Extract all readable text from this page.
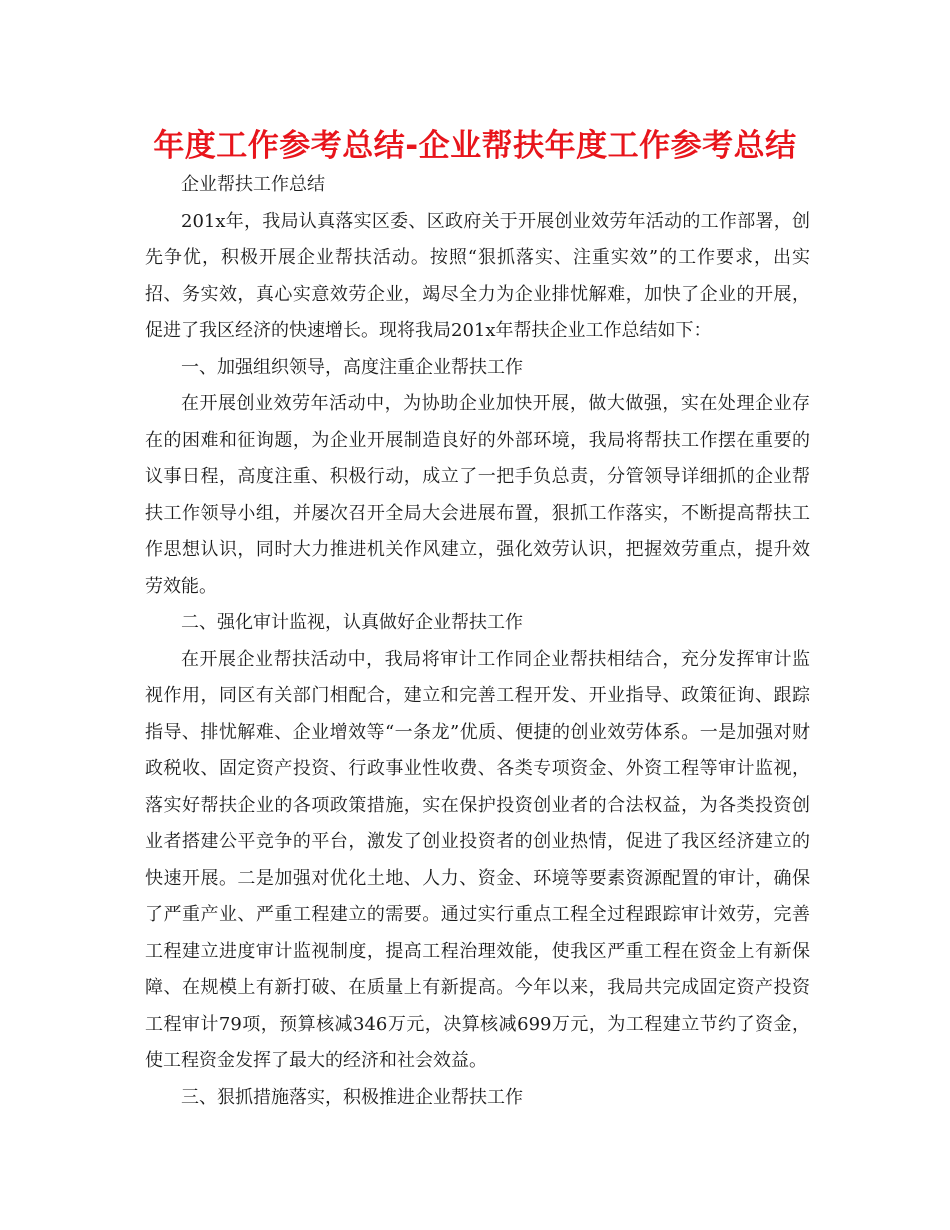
年度工作参考总结-企业帮扶年度工作参考总结

企业帮扶工作总结

201x年，我局认真落实区委、区政府关于开展创业效劳年活动的工作部署，创先争优，积极开展企业帮扶活动。按照“狠抓落实、注重实效”的工作要求，出实招、务实效，真心实意效劳企业，竭尽全力为企业排忧解难，加快了企业的开展，促进了我区经济的快速增长。现将我局201x年帮扶企业工作总结如下：

一、加强组织领导，高度注重企业帮扶工作

在开展创业效劳年活动中，为协助企业加快开展，做大做强，实在处理企业存在的困难和征询题，为企业开展制造良好的外部环境，我局将帮扶工作摆在重要的议事日程，高度注重、积极行动，成立了一把手负总责，分管领导详细抓的企业帮扶工作领导小组，并屡次召开全局大会进展布置，狠抓工作落实，不断提高帮扶工作思想认识，同时大力推进机关作风建立，强化效劳认识，把握效劳重点，提升效劳效能。

二、强化审计监视，认真做好企业帮扶工作

在开展企业帮扶活动中，我局将审计工作同企业帮扶相结合，充分发挥审计监视作用，同区有关部门相配合，建立和完善工程开发、开业指导、政策征询、跟踪指导、排忧解难、企业增效等“一条龙”优质、便捷的创业效劳体系。一是加强对财政税收、固定资产投资、行政事业性收费、各类专项资金、外资工程等审计监视，落实好帮扶企业的各项政策措施，实在保护投资创业者的合法权益，为各类投资创业者搭建公平竞争的平台，激发了创业投资者的创业热情，促进了我区经济建立的快速开展。二是加强对优化土地、人力、资金、环境等要素资源配置的审计，确保了严重产业、严重工程建立的需要。通过实行重点工程全过程跟踪审计效劳，完善工程建立进度审计监视制度，提高工程治理效能，使我区严重工程在资金上有新保障、在规模上有新打破、在质量上有新提高。今年以来，我局共完成固定资产投资工程审计79项，预算核减346万元，决算核减699万元，为工程建立节约了资金，使工程资金发挥了最大的经济和社会效益。

三、狠抓措施落实，积极推进企业帮扶工作
